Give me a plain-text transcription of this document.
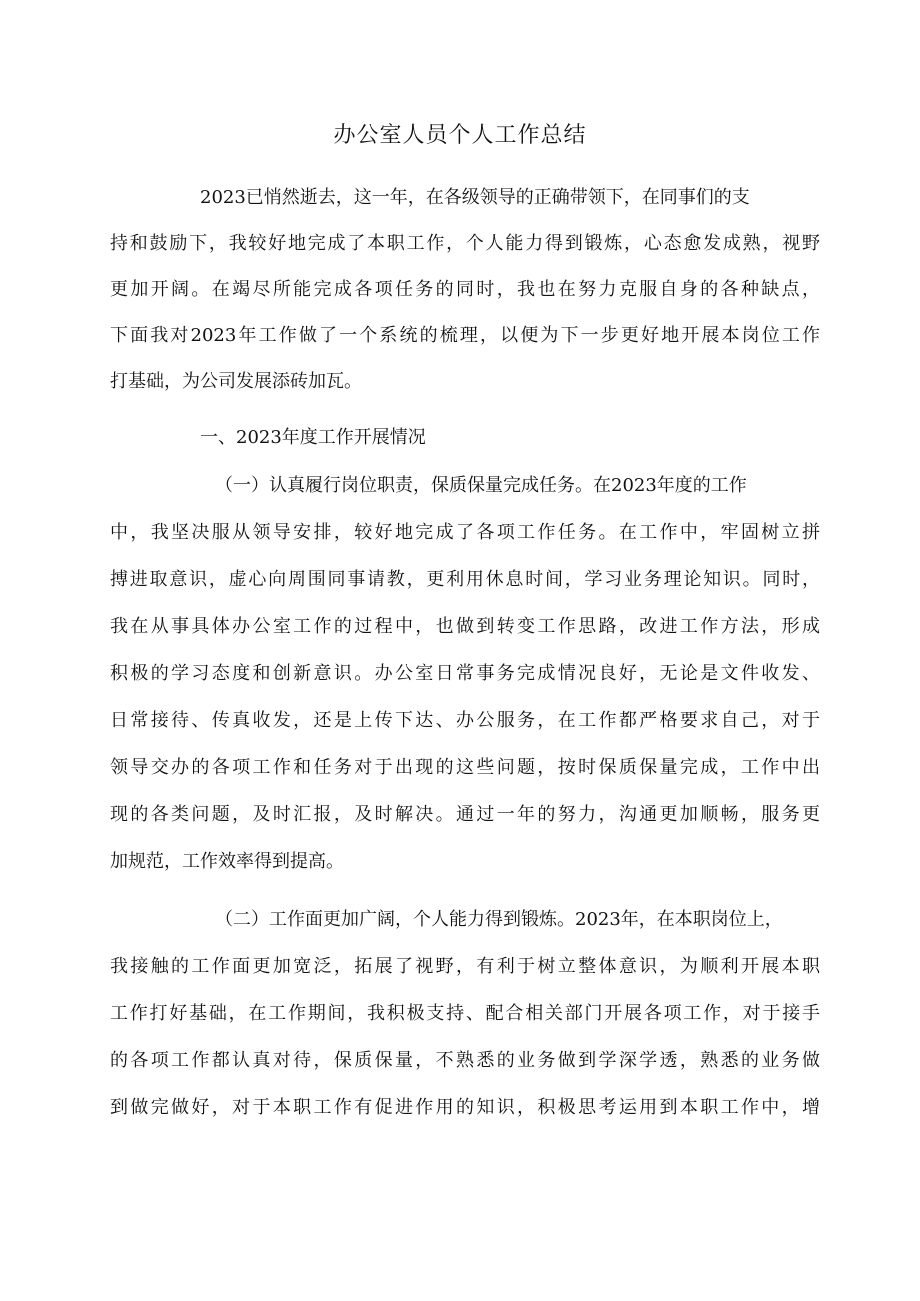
办公室人员个人工作总结
2023已悄然逝去，这一年，在各级领导的正确带领下，在同事们的支
持和鼓励下，我较好地完成了本职工作，个人能力得到锻炼，心态愈发成熟，视野
更加开阔。在竭尽所能完成各项任务的同时，我也在努力克服自身的各种缺点，
下面我对2023年工作做了一个系统的梳理，以便为下一步更好地开展本岗位工作
打基础，为公司发展添砖加瓦。
一、2023年度工作开展情况
（一）认真履行岗位职责，保质保量完成任务。在2023年度的工作
中，我坚决服从领导安排，较好地完成了各项工作任务。在工作中，牢固树立拼
搏进取意识，虚心向周围同事请教，更利用休息时间，学习业务理论知识。同时，
我在从事具体办公室工作的过程中，也做到转变工作思路，改进工作方法，形成
积极的学习态度和创新意识。办公室日常事务完成情况良好，无论是文件收发、
日常接待、传真收发，还是上传下达、办公服务，在工作都严格要求自己，对于
领导交办的各项工作和任务对于出现的这些问题，按时保质保量完成，工作中出
现的各类问题，及时汇报，及时解决。通过一年的努力，沟通更加顺畅，服务更
加规范，工作效率得到提高。
（二）工作面更加广阔，个人能力得到锻炼。2023年，在本职岗位上，
我接触的工作面更加宽泛，拓展了视野，有利于树立整体意识，为顺利开展本职
工作打好基础，在工作期间，我积极支持、配合相关部门开展各项工作，对于接手
的各项工作都认真对待，保质保量，不熟悉的业务做到学深学透，熟悉的业务做
到做完做好，对于本职工作有促进作用的知识，积极思考运用到本职工作中，增
